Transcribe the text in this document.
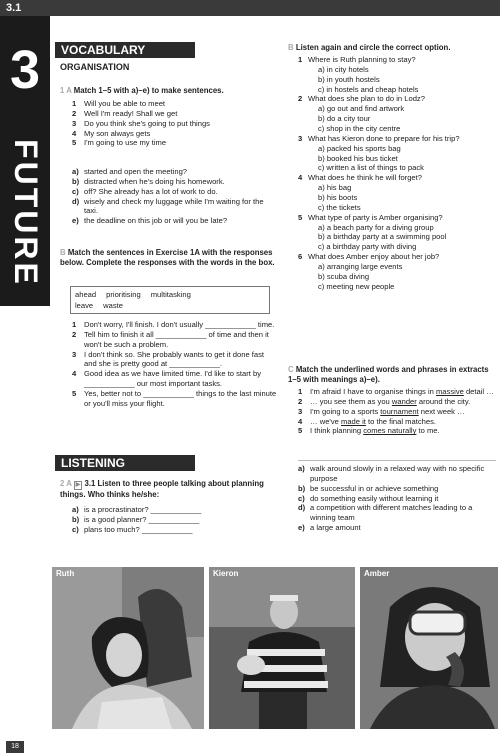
3.1
3
FUTURE
VOCABULARY
ORGANISATION
1 A Match 1–5 with a)–e) to make sentences.
1 Will you be able to meet
2 Well I'm ready! Shall we get
3 Do you think she's going to put things
4 My son always gets
5 I'm going to use my time
a) started and open the meeting?
b) distracted when he's doing his homework.
c) off? She already has a lot of work to do.
d) wisely and check my luggage while I'm waiting for the taxi.
e) the deadline on this job or will you be late?
B Match the sentences in Exercise 1A with the responses below. Complete the responses with the words in the box.
ahead prioritising multitasking
leave waste
1 Don't worry, I'll finish. I don't usually ____________ time.
2 Tell him to finish it all ____________ of time and then it won't be such a problem.
3 I don't think so. She probably wants to get it done fast and she is pretty good at ____________.
4 Good idea as we have limited time. I'd like to start by ____________ our most important tasks.
5 Yes, better not to ____________ things to the last minute or you'll miss your flight.
LISTENING
2 A ▶ 3.1 Listen to three people talking about planning things. Who thinks he/she:
a) is a procrastinator? ____________
b) is a good planner? ____________
c) plans too much? ____________
B Listen again and circle the correct option.
1 Where is Ruth planning to stay?
a) in city hotels
b) in youth hostels
c) in hostels and cheap hotels
2 What does she plan to do in Lodz?
a) go out and find artwork
b) do a city tour
c) shop in the city centre
3 What has Kieron done to prepare for his trip?
a) packed his sports bag
b) booked his bus ticket
c) written a list of things to pack
4 What does he think he will forget?
a) his bag
b) his boots
c) the tickets
5 What type of party is Amber organising?
a) a beach party for a diving group
b) a birthday party at a swimming pool
c) a birthday party with diving
6 What does Amber enjoy about her job?
a) arranging large events
b) scuba diving
c) meeting new people
C Match the underlined words and phrases in extracts 1–5 with meanings a)–e).
1 I'm afraid I have to organise things in massive detail …
2 … you see them as you wander around the city.
3 I'm going to a sports tournament next week …
4 … we've made it to the final matches.
5 I think planning comes naturally to me.
a) walk around slowly in a relaxed way with no specific purpose
b) be successful in or achieve something
c) do something easily without learning it
d) a competition with different matches leading to a winning team
e) a large amount
Ruth	Kieron	Amber
18
